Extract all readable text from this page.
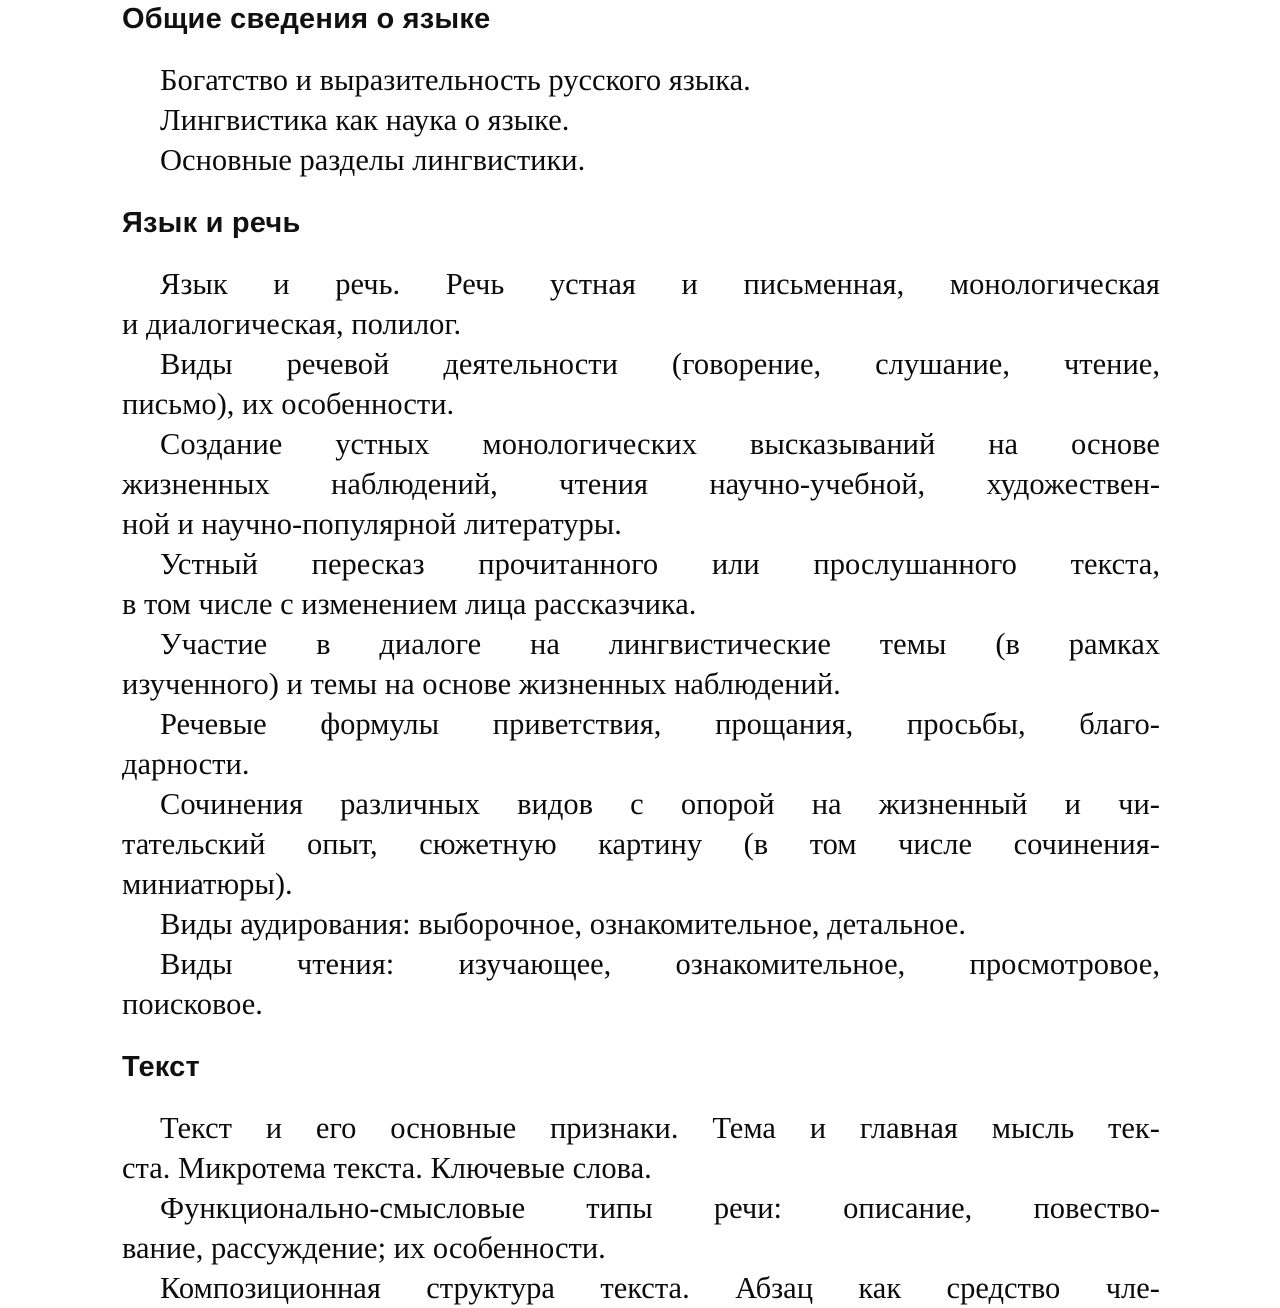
Общие сведения о языке

Богатство и выразительность русского языка.

Лингвистика как наука о языке.

Основные разделы лингвистики.

Язык и речь

Язык и речь. Речь устная и письменная, монологическая
и диалогическая, полилог.

Виды речевой деятельности (говорение, слушание, чтение,
письмо), их особенности.

Создание устных монологических высказываний на основе
жизненных наблюдений, чтения научно-учебной, художествен-
ной и научно-популярной литературы.

Устный пересказ прочитанного или прослушанного текста,
в том числе с изменением лица рассказчика.

Участие в диалоге на лингвистические темы (в рамках
изученного) и темы на основе жизненных наблюдений.

Речевые формулы приветствия, прощания, просьбы, благо-
дарности.

Сочинения различных видов с опорой на жизненный и чи-
тательский опыт, сюжетную картину (в том числе сочинения-
миниатюры).

Виды аудирования: выборочное, ознакомительное, детальное.

Виды чтения: изучающее, ознакомительное, просмотровое,
поисковое.

Текст

Текст и его основные признаки. Тема и главная мысль тек-
ста. Микротема текста. Ключевые слова.

Функционально-смысловые типы речи: описание, повество-
вание, рассуждение; их особенности.

Композиционная структура текста. Абзац как средство чле-
